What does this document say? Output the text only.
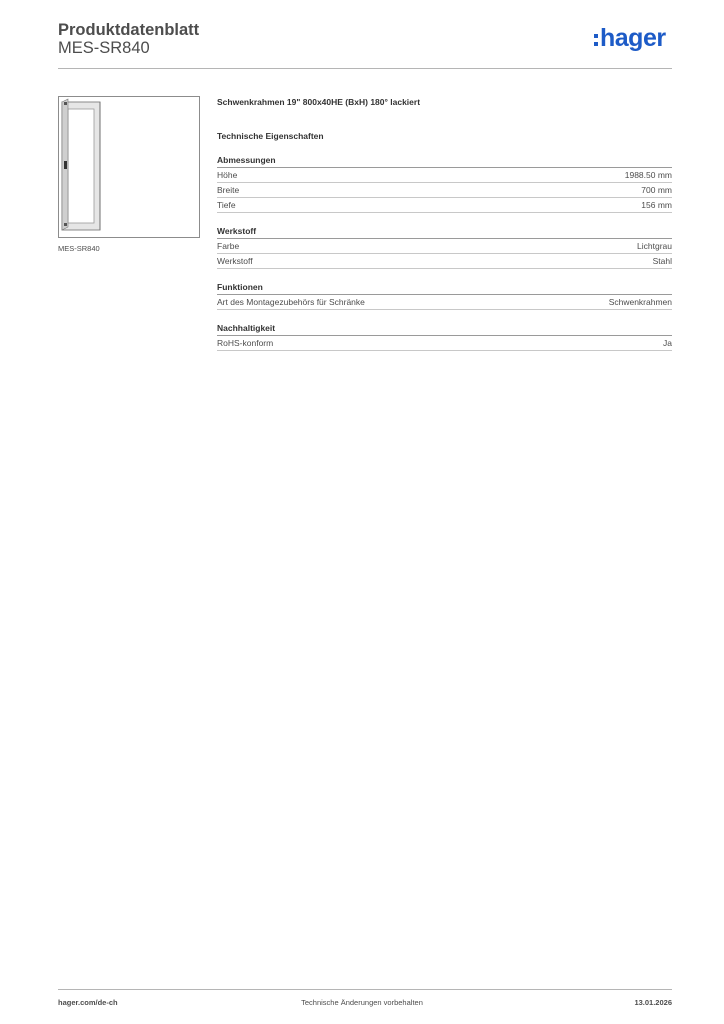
Produktdatenblatt
MES-SR840	hager
MES-SR840
Schwenkrahmen 19" 800x40HE (BxH) 180° lackiert
Technische Eigenschaften
Abmessungen
Höhe	1988.50 mm
Breite	700 mm
Tiefe	156 mm
Werkstoff
Farbe	Lichtgrau
Werkstoff	Stahl
Funktionen
Art des Montagezubehörs für Schränke	Schwenkrahmen
Nachhaltigkeit
RoHS-konform	Ja
hager.com/de-ch	Technische Änderungen vorbehalten	13.01.2026
